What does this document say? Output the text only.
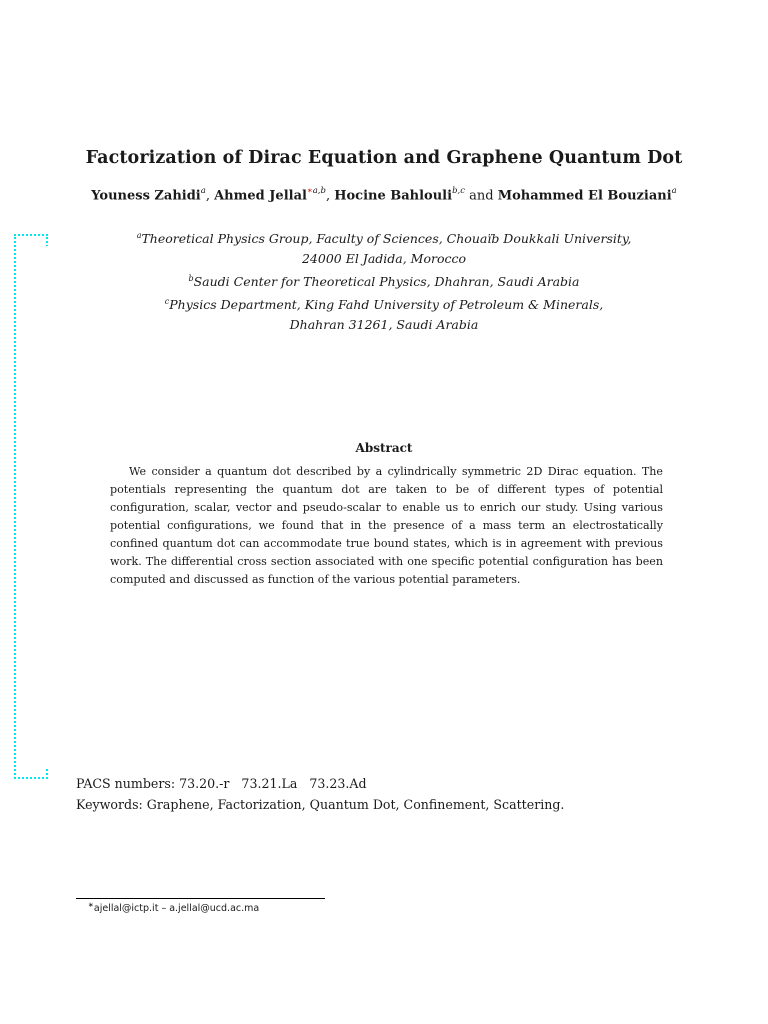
Factorization of Dirac Equation and Graphene Quantum Dot
Youness Zahidi$^a$, Ahmed Jellal$^{∗a,b}$, Hocine Bahlouli$^{b,c}$ and Mohammed El Bouziani$^a$
$^a$Theoretical Physics Group, Faculty of Sciences, Chouaïb Doukkali University,
24000 El Jadida, Morocco
$^b$Saudi Center for Theoretical Physics, Dhahran, Saudi Arabia
$^c$Physics Department, King Fahd University of Petroleum & Minerals,
Dhahran 31261, Saudi Arabia
Abstract
We consider a quantum dot described by a cylindrically symmetric 2D Dirac equation. The potentials representing the quantum dot are taken to be of different types of potential configuration, scalar, vector and pseudo-scalar to enable us to enrich our study. Using various potential configurations, we found that in the presence of a mass term an electrostatically confined quantum dot can accommodate true bound states, which is in agreement with previous work. The differential cross section associated with one specific potential configuration has been computed and discussed as function of the various potential parameters.
PACS numbers: 73.20.-r   73.21.La   73.23.Ad
Keywords: Graphene, Factorization, Quantum Dot, Confinement, Scattering.
∗ajellal@ictp.it – a.jellal@ucd.ac.ma
